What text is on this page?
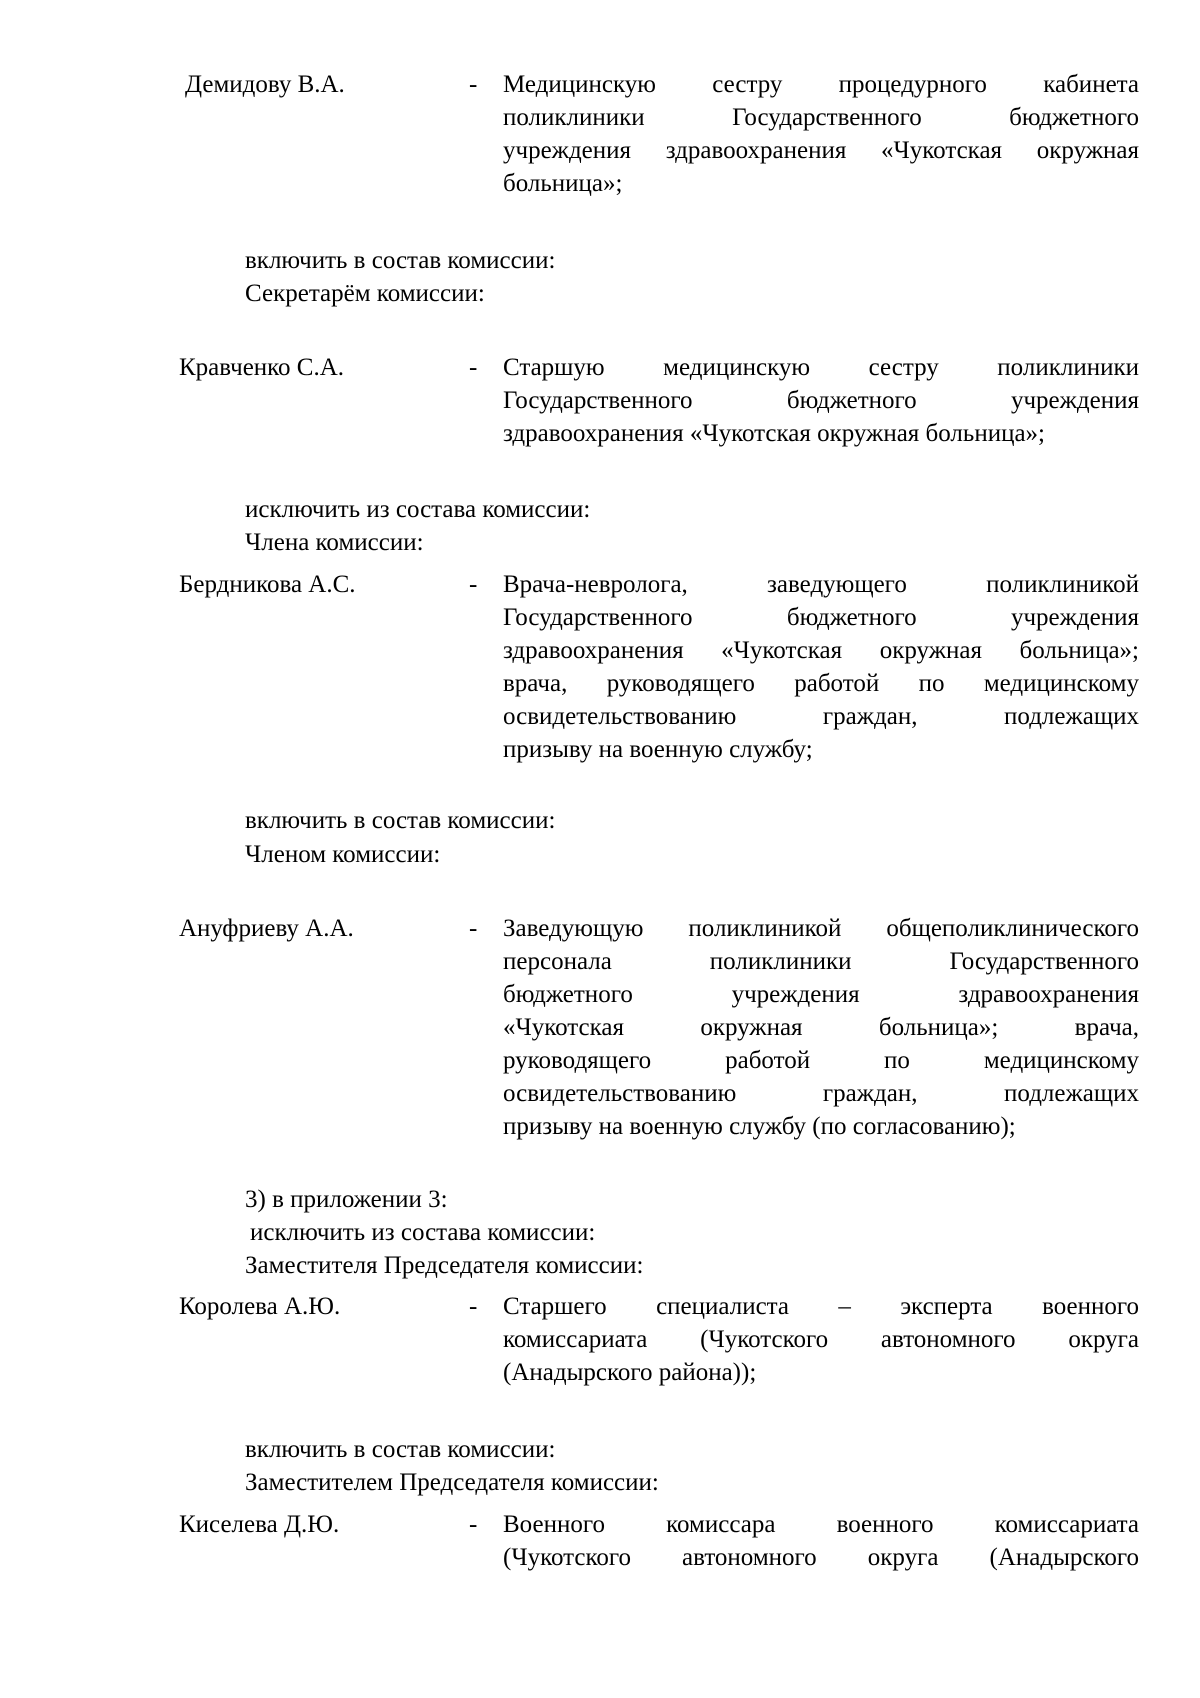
Демидову В.А.	- Медицинскую сестру процедурного кабинета
поликлиники Государственного бюджетного
учреждения здравоохранения «Чукотская окружная
больница»;
включить в состав комиссии:
Секретарём комиссии:
Кравченко С.А.	- Старшую медицинскую сестру поликлиники
Государственного бюджетного учреждения
здравоохранения «Чукотская окружная больница»;
исключить из состава комиссии:
Члена комиссии:
Бердникова А.С.	- Врача-невролога, заведующего поликлиникой
Государственного бюджетного учреждения
здравоохранения «Чукотская окружная больница»;
врача, руководящего работой по медицинскому
освидетельствованию граждан, подлежащих
призыву на военную службу;
включить в состав комиссии:
Членом комиссии:
Ануфриеву А.А.	- Заведующую поликлиникой общеполиклинического
персонала поликлиники Государственного
бюджетного учреждения здравоохранения
«Чукотская окружная больница»; врача,
руководящего работой по медицинскому
освидетельствованию граждан, подлежащих
призыву на военную службу (по согласованию);
3) в приложении 3:
исключить из состава комиссии:
Заместителя Председателя комиссии:
Королева А.Ю.	- Старшего специалиста – эксперта военного
комиссариата (Чукотского автономного округа
(Анадырского района));
включить в состав комиссии:
Заместителем Председателя комиссии:
Киселева Д.Ю.	- Военного комиссара военного комиссариата
(Чукотского автономного округа (Анадырского
